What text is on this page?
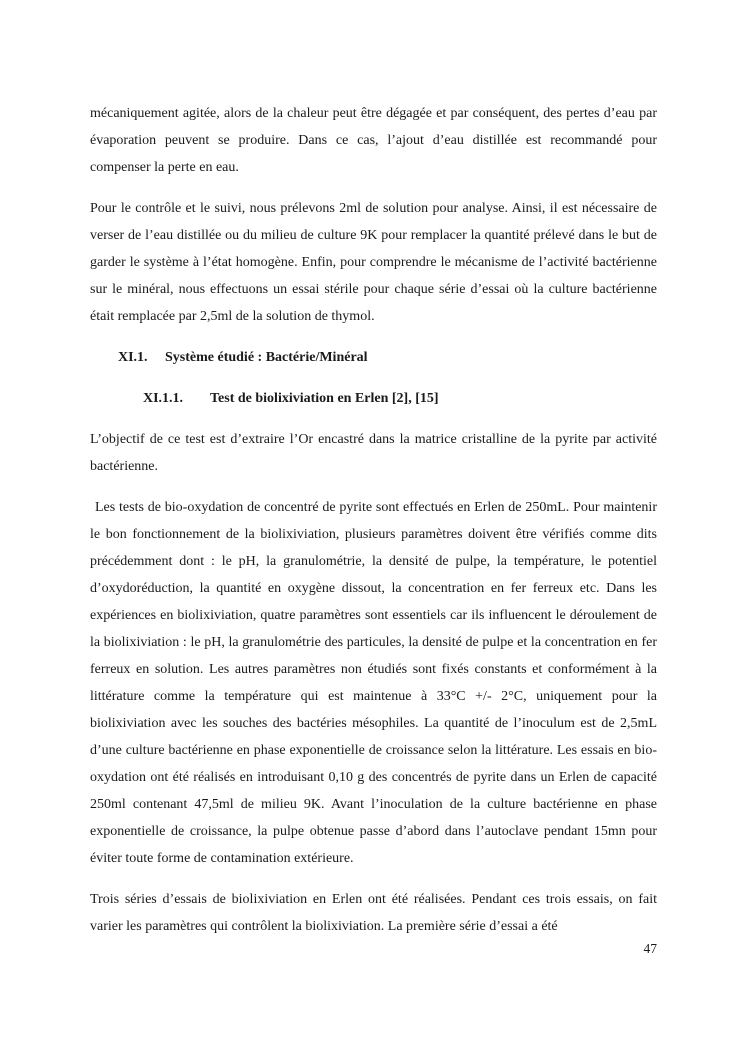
mécaniquement agitée, alors de la chaleur peut être dégagée et par conséquent, des pertes d’eau par évaporation peuvent se produire. Dans ce cas, l’ajout d’eau distillée est recommandé pour compenser la perte en eau.

Pour le contrôle et le suivi, nous prélevons 2ml de solution pour analyse. Ainsi, il est nécessaire de verser de l’eau distillée ou du milieu de culture 9K pour remplacer la quantité prélevé dans le but de garder le système à l’état homogène. Enfin, pour comprendre le mécanisme de l’activité bactérienne sur le minéral, nous effectuons un essai stérile pour chaque série d’essai où la culture bactérienne était remplacée par 2,5ml de la solution de thymol.

XI.1. Système étudié : Bactérie/Minéral
XI.1.1. Test de biolixiviation en Erlen [2], [15]

L’objectif de ce test est d’extraire l’Or encastré dans la matrice cristalline de la pyrite par activité bactérienne.

Les tests de bio-oxydation de concentré de pyrite sont effectués en Erlen de 250mL. Pour maintenir le bon fonctionnement de la biolixiviation, plusieurs paramètres doivent être vérifiés comme dits précédemment dont : le pH, la granulométrie, la densité de pulpe, la température, le potentiel d’oxydoréduction, la quantité en oxygène dissout, la concentration en fer ferreux etc. Dans les expériences en biolixiviation, quatre paramètres sont essentiels car ils influencent le déroulement de la biolixiviation : le pH, la granulométrie des particules, la densité de pulpe et la concentration en fer ferreux en solution. Les autres paramètres non étudiés sont fixés constants et conformément à la littérature comme la température qui est maintenue à 33°C +/- 2°C, uniquement pour la biolixiviation avec les souches des bactéries mésophiles. La quantité de l’inoculum est de 2,5mL d’une culture bactérienne en phase exponentielle de croissance selon la littérature. Les essais en bio-oxydation ont été réalisés en introduisant 0,10 g des concentrés de pyrite dans un Erlen de capacité 250ml contenant 47,5ml de milieu 9K. Avant l’inoculation de la culture bactérienne en phase exponentielle de croissance, la pulpe obtenue passe d’abord dans l’autoclave pendant 15mn pour éviter toute forme de contamination extérieure.

Trois séries d’essais de biolixiviation en Erlen ont été réalisées. Pendant ces trois essais, on fait varier les paramètres qui contrôlent la biolixiviation. La première série d’essai a été

47
